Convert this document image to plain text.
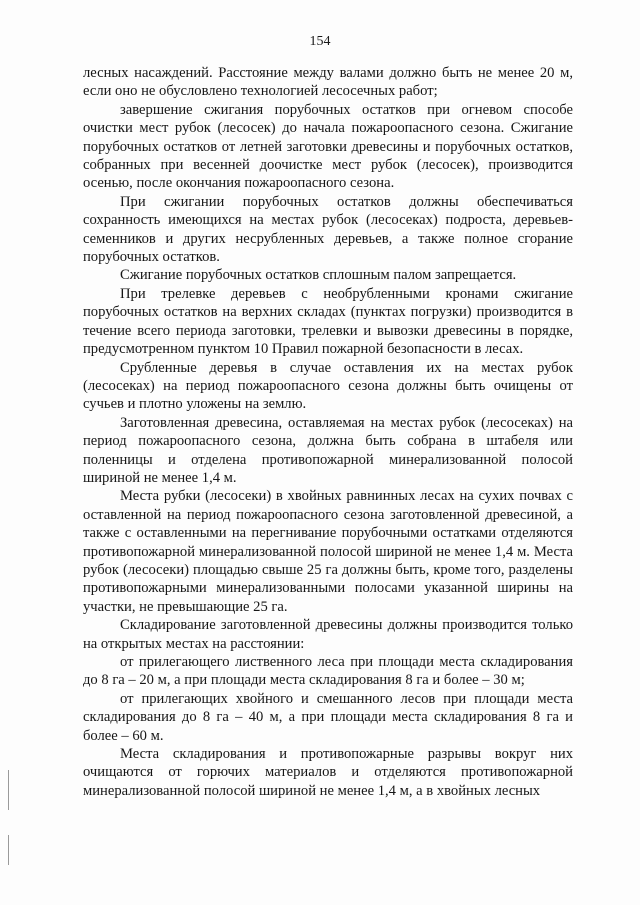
154

лесных насаждений. Расстояние между валами должно быть не менее 20 м, если оно не обусловлено технологией лесосечных работ;

завершение сжигания порубочных остатков при огневом способе очистки мест рубок (лесосек) до начала пожароопасного сезона. Сжигание порубочных остатков от летней заготовки древесины и порубочных остатков, собранных при весенней доочистке мест рубок (лесосек), производится осенью, после окончания пожароопасного сезона.

При сжигании порубочных остатков должны обеспечиваться сохранность имеющихся на местах рубок (лесосеках) подроста, деревьев-семенников и других несрубленных деревьев, а также полное сгорание порубочных остатков.

Сжигание порубочных остатков сплошным палом запрещается.

При трелевке деревьев с необрубленными кронами сжигание порубочных остатков на верхних складах (пунктах погрузки) производится в течение всего периода заготовки, трелевки и вывозки древесины в порядке, предусмотренном пунктом 10 Правил пожарной безопасности в лесах.

Срубленные деревья в случае оставления их на местах рубок (лесосеках) на период пожароопасного сезона должны быть очищены от сучьев и плотно уложены на землю.

Заготовленная древесина, оставляемая на местах рубок (лесосеках) на период пожароопасного сезона, должна быть собрана в штабеля или поленницы и отделена противопожарной минерализованной полосой шириной не менее 1,4 м.

Места рубки (лесосеки) в хвойных равнинных лесах на сухих почвах с оставленной на период пожароопасного сезона заготовленной древесиной, а также с оставленными на перегнивание порубочными остатками отделяются противопожарной минерализованной полосой шириной не менее 1,4 м. Места рубок (лесосеки) площадью свыше 25 га должны быть, кроме того, разделены противопожарными минерализованными полосами указанной ширины на участки, не превышающие 25 га.

Складирование заготовленной древесины должны производится только на открытых местах на расстоянии:

от прилегающего лиственного леса при площади места складирования до 8 га – 20 м, а при площади места складирования 8 га и более – 30 м;

от прилегающих хвойного и смешанного лесов при площади места складирования до 8 га – 40 м, а при площади места складирования 8 га и более – 60 м.

Места складирования и противопожарные разрывы вокруг них очищаются от горючих материалов и отделяются противопожарной минерализованной полосой шириной не менее 1,4 м, а в хвойных лесных
